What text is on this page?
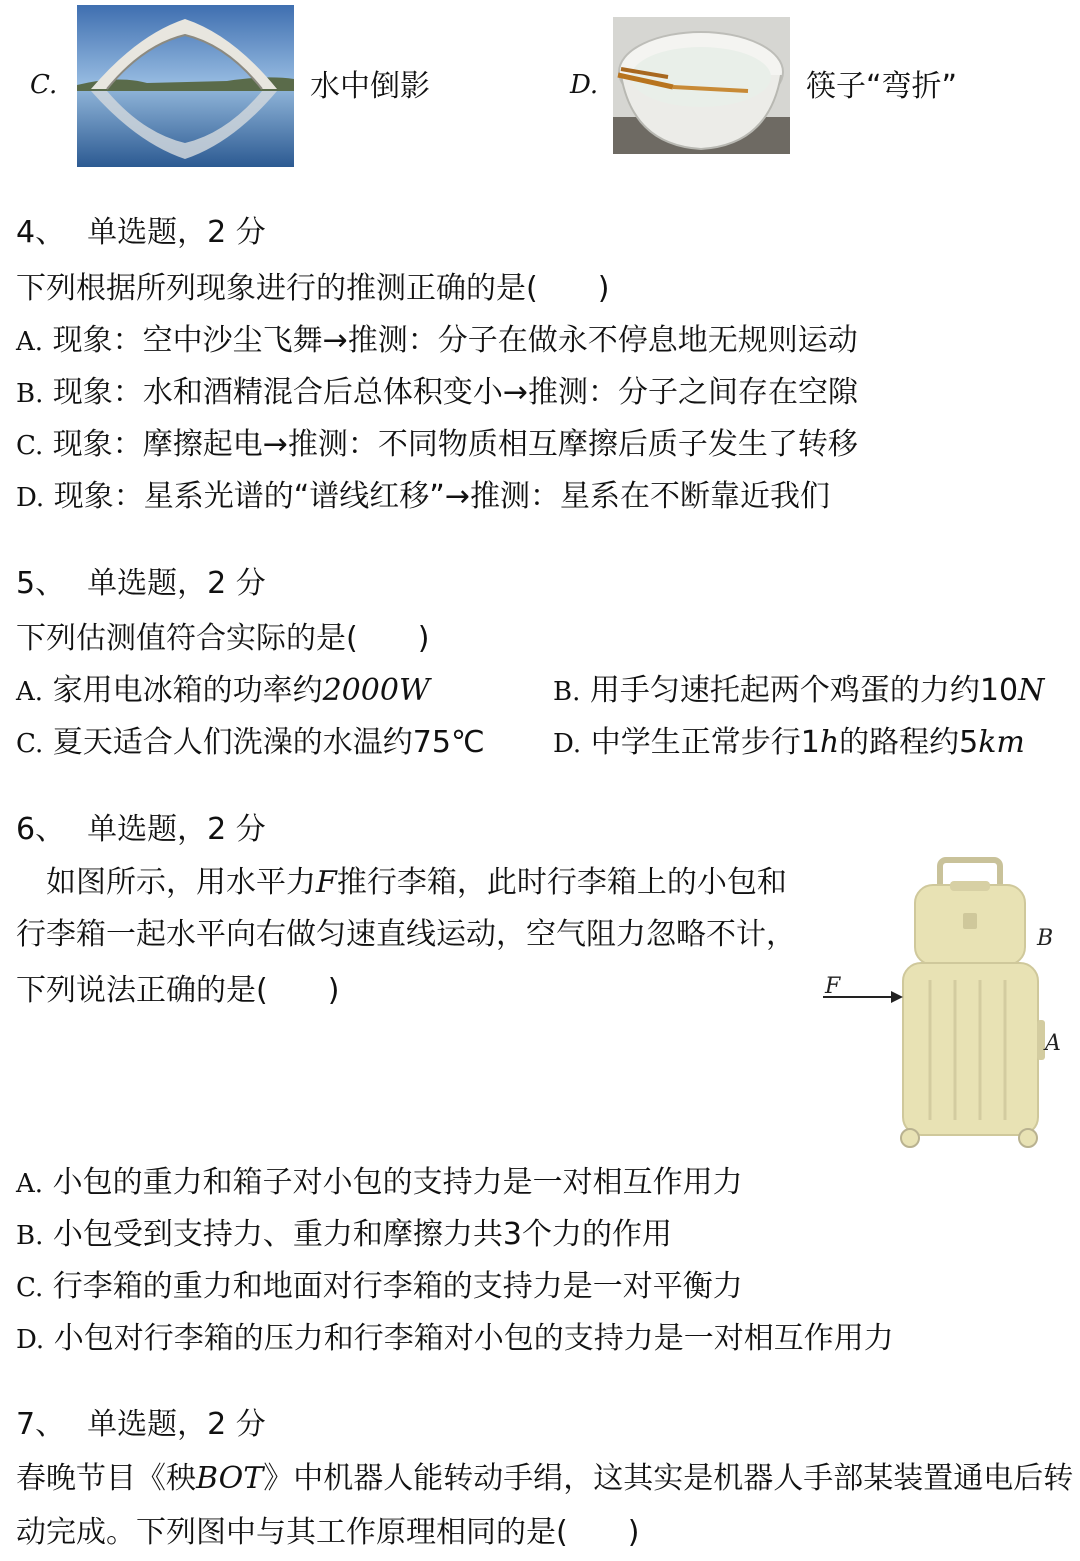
C.	水中倒影	D.	筷子“弯折”
4、 单选题，2 分
下列根据所列现象进行的推测正确的是(　　)
A. 现象：空中沙尘飞舞→推测：分子在做永不停息地无规则运动
B. 现象：水和酒精混合后总体积变小→推测：分子之间存在空隙
C. 现象：摩擦起电→推测：不同物质相互摩擦后质子发生了转移
D. 现象：星系光谱的“谱线红移”→推测：星系在不断靠近我们
5、 单选题，2 分
下列估测值符合实际的是(　　)
A. 家用电冰箱的功率约2000W	B. 用手匀速托起两个鸡蛋的力约10N
C. 夏天适合人们洗澡的水温约75℃	D. 中学生正常步行1h的路程约5km
6、 单选题，2 分
　如图所示，用水平力F推行李箱，此时行李箱上的小包和
行李箱一起水平向右做匀速直线运动，空气阻力忽略不计，
下列说法正确的是(　　)	F
B
A
A. 小包的重力和箱子对小包的支持力是一对相互作用力
B. 小包受到支持力、重力和摩擦力共3个力的作用
C. 行李箱的重力和地面对行李箱的支持力是一对平衡力
D. 小包对行李箱的压力和行李箱对小包的支持力是一对相互作用力
7、 单选题，2 分
春晚节目《秧BOT》中机器人能转动手绢，这其实是机器人手部某装置通电后转
动完成。下列图中与其工作原理相同的是(　　)
